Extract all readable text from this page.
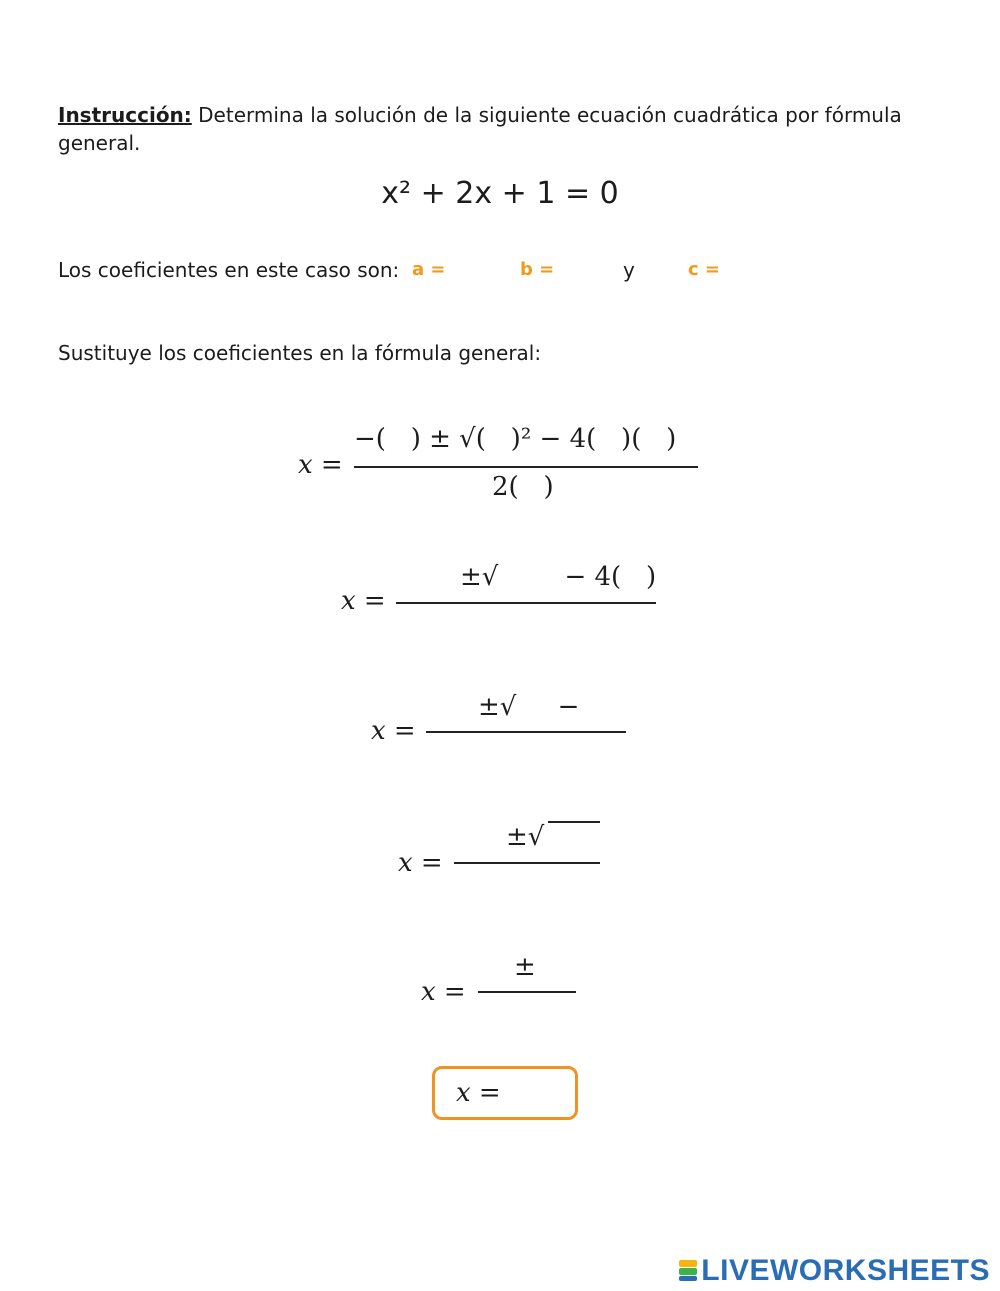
Instrucción: Determina la solución de la siguiente ecuación cuadrática por fórmula general.
x² + 2x + 1 = 0
Los coeficientes en este caso son: a =	b =	y	c =
Sustituye los coeficientes en la fórmula general:
x =
−(   ) ± √(   )² − 4(   )(   )
2(   )
x =
±√        − 4(   )
x =
±√     −
x =
±√
x =
±
x =
LIVEWORKSHEETS
